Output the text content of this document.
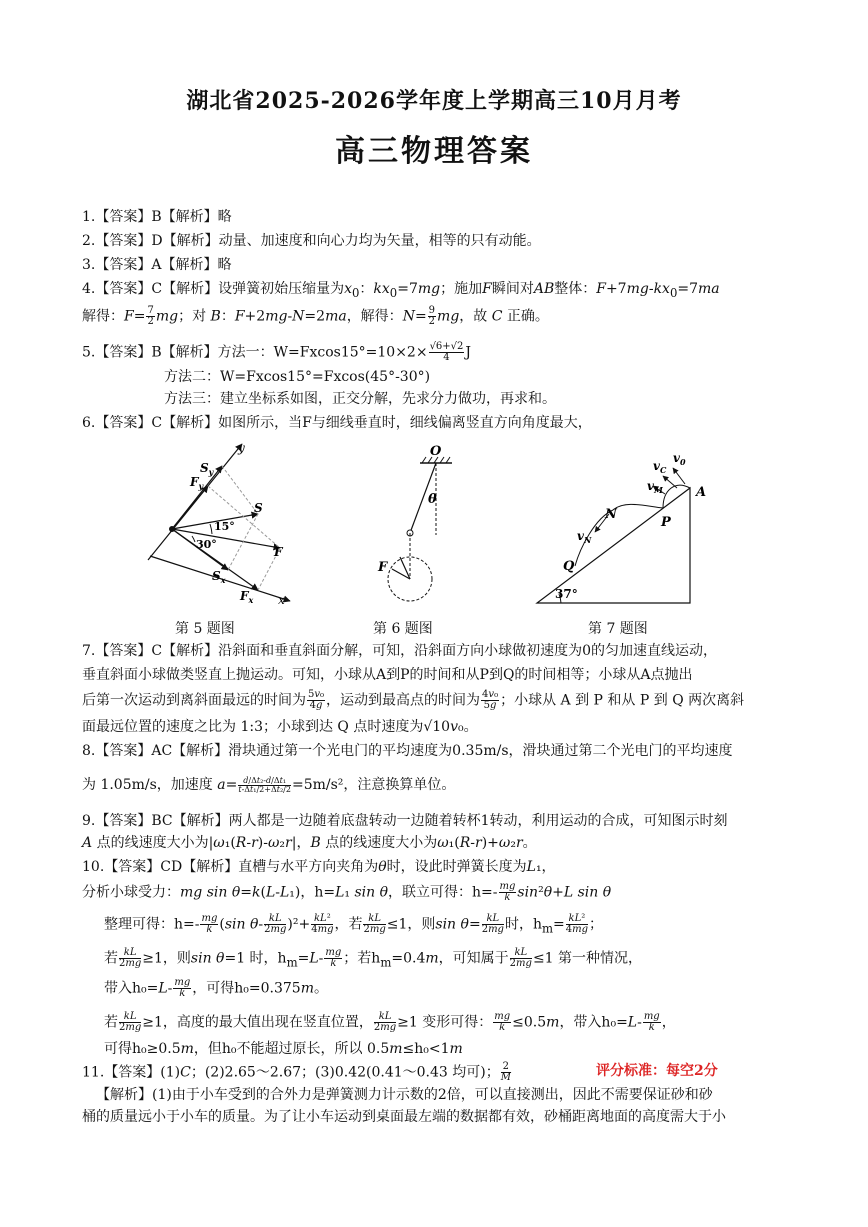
湖北省2025-2026学年度上学期高三10月月考
高三物理答案
1.【答案】B【解析】略
2.【答案】D【解析】动量、加速度和向心力均为矢量，相等的只有动能。
3.【答案】A【解析】略
4.【答案】C【解析】设弹簧初始压缩量为$x_0$：$kx_0=7mg$；施加F瞬间对AB整体：$F+7mg-kx_0=7ma$
解得：$F= \frac{7}{2}$ mg；对 B：F+2mg-N=2ma，解得：$N= \frac{9}{2}$ mg，故 C 正确。
5.【答案】B【解析】方法一：$W=Fxcos15^\circ=10\times 2\times \frac{√6+√2}{4}$ J
方法二：W=Fxcos15°=Fxcos(45°-30°)
方法三：建立坐标系如图，正交分解，先求分力做功，再求和。
6.【答案】C【解析】如图所示，当F与细线垂直时，细线偏离竖直方向角度最大，
y
$S_y$
$F_y$
S
F
15°
30°
$S_x$
$F_x$ x
O
θ
F
$v_0$
$v_C$
$v_M$	A
N
P
$v_N$
Q
37°
第 5 题图	第 6 题图	第 7 题图
7.【答案】C【解析】沿斜面和垂直斜面分解，可知，沿斜面方向小球做初速度为0的匀加速直线运动，
垂直斜面小球做类竖直上抛运动。可知，小球从A到P的时间和从P到Q的时间相等；小球从A点抛出
后第一次运动到离斜面最远的时间为 $\frac{\text{5v₀}}{4g}$ ，运动到最高点的时间为 $\frac{\text{4v₀}}{5g}$ ；小球从 A 到 P 和从 P 到 Q 两次离斜
面最远位置的速度之比为 1:3；小球到达 Q 点时速度为√10v₀。
8.【答案】AC【解析】滑块通过第一个光电门的平均速度为0.35m/s，滑块通过第二个光电门的平均速度
为 1.05m/s，加速度 $a= \frac{\text{d/Δt₂-d/Δt₁}}{\text{t-Δt₁/2+Δt₂/2}} =5m/s^2$，注意换算单位。
9.【答案】BC【解析】两人都是一边随着底盘转动一边随着转杯1转动，利用运动的合成，可知图示时刻
A 点的线速度大小为|ω₁(R-r)-ω₂r|，B 点的线速度大小为ω₁(R-r)+ω₂r。
10.【答案】CD【解析】直槽与水平方向夹角为θ时，设此时弹簧长度为L₁，
分析小球受力：mg sin θ=k(L-L₁)，h=L₁ sin θ，联立可得：$h=- \frac{mg}{k} \sin^2\theta+L$ sin θ
整理可得：$h=- \frac{mg}{k} (\sin$ $\theta- \frac{kL}{2mg} )^2+ \frac{\text{kL²}}{4mg}$ ，若 $\frac{kL}{2mg} \le 1$，则$\sin \theta= \frac{kL}{2mg}$ 时，$h_m= \frac{\text{kL²}}{4mg}$ ；
若 $\frac{kL}{2mg} \ge 1$，则sin θ=1 时，$h_m=L- \frac{mg}{k}$ ；若$h_m=0.4m$，可知属于 $\frac{kL}{2mg} \le 1$ 第一种情况，
带入$h_0=L- \frac{mg}{k}$ ，可得h₀=0.375m。
若 $\frac{kL}{2mg} \ge 1$，高度的最大值出现在竖直位置， $\frac{kL}{2mg} \ge 1$ 变形可得： $\frac{mg}{k} \le 0.5m$，带入$h_0=L- \frac{mg}{k}$ ，
可得h₀≥0.5m，但h₀不能超过原长，所以 0.5m≤h₀<1m
11.【答案】(1)C；(2)2.65～2.67；(3)0.42(0.41～0.43 均可)； $\frac{2}{M}$	评分标准：每空2分
【解析】(1)由于小车受到的合外力是弹簧测力计示数的2倍，可以直接测出，因此不需要保证砂和砂
桶的质量远小于小车的质量。为了让小车运动到桌面最左端的数据都有效，砂桶距离地面的高度需大于小
